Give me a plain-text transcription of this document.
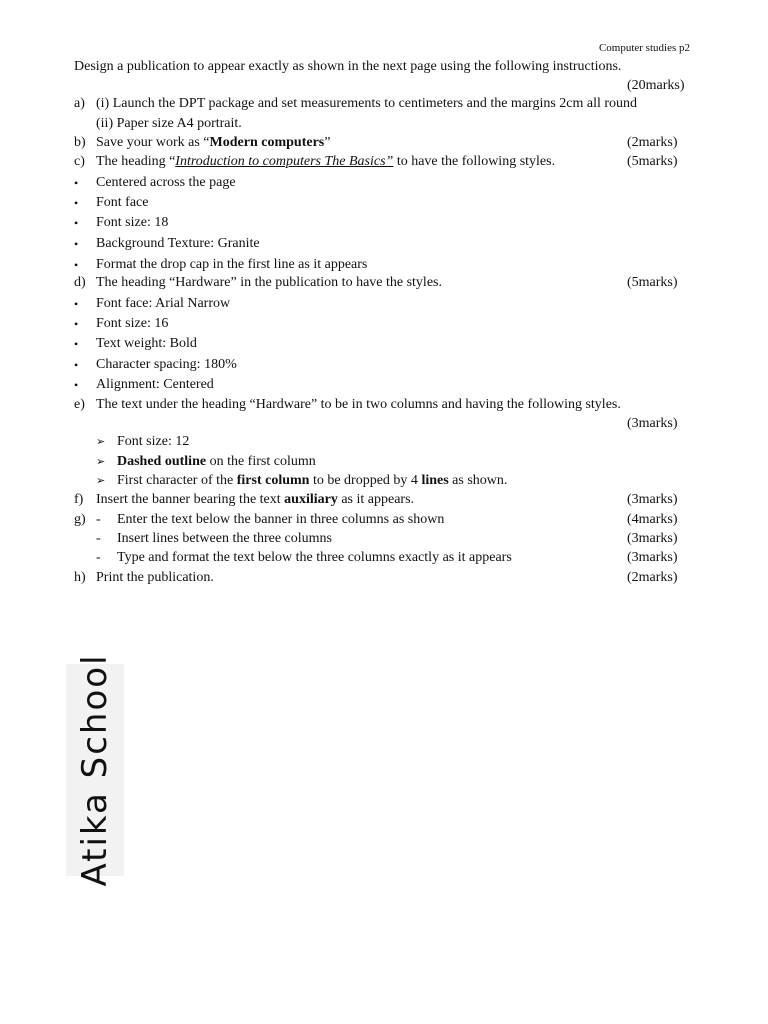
Computer studies p2
Design a publication to appear exactly as shown in the next page using the following instructions.
(20marks)
a) (i) Launch the DPT package and set measurements to centimeters and the margins 2cm all round
(ii) Paper size A4 portrait.
b) Save your work as “Modern computers”	(2marks)
c) The heading “Introduction to computers The Basics” to have the following styles.	(5marks)
• Centered across the page
• Font face
• Font size: 18
• Background Texture: Granite
• Format the drop cap in the first line as it appears
d) The heading “Hardware” in the publication to have the styles.	(5marks)
• Font face: Arial Narrow
• Font size: 16
• Text weight: Bold
• Character spacing: 180%
• Alignment: Centered
e) The text under the heading “Hardware” to be in two columns and having the following styles.
(3marks)
➢ Font size: 12
➢ Dashed outline on the first column
➢ First character of the first column to be dropped by 4 lines as shown.
f) Insert the banner bearing the text auxiliary as it appears.	(3marks)
g) - Enter the text below the banner in three columns as shown	(4marks)
- Insert lines between the three columns	(3marks)
- Type and format the text below the three columns exactly as it appears	(3marks)
h) Print the publication.	(2marks)
Atika School
